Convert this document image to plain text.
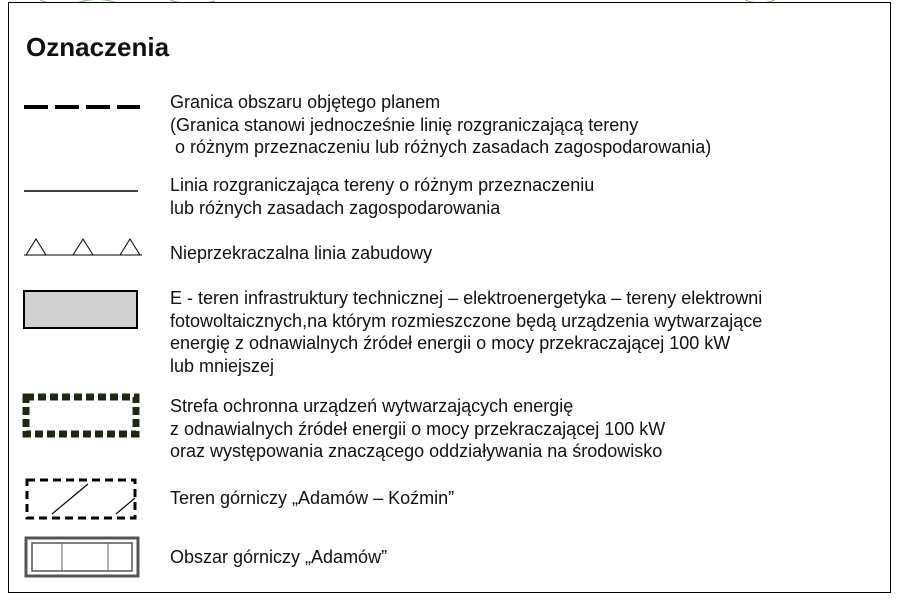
Oznaczenia
Granica obszaru objętego planem
(Granica stanowi jednocześnie linię rozgraniczającą tereny
o różnym przeznaczeniu lub różnych zasadach zagospodarowania)
Linia rozgraniczająca tereny o różnym przeznaczeniu
lub różnych zasadach zagospodarowania
Nieprzekraczalna linia zabudowy
E - teren infrastruktury technicznej – elektroenergetyka – tereny elektrowni
fotowoltaicznych,na którym rozmieszczone będą urządzenia wytwarzające
energię z odnawialnych źródeł energii o mocy przekraczającej 100 kW
lub mniejszej
Strefa ochronna urządzeń wytwarzających energię
z odnawialnych źródeł energii o mocy przekraczającej 100 kW
oraz występowania znaczącego oddziaływania na środowisko
Teren górniczy „Adamów – Koźmin”
Obszar górniczy „Adamów”
